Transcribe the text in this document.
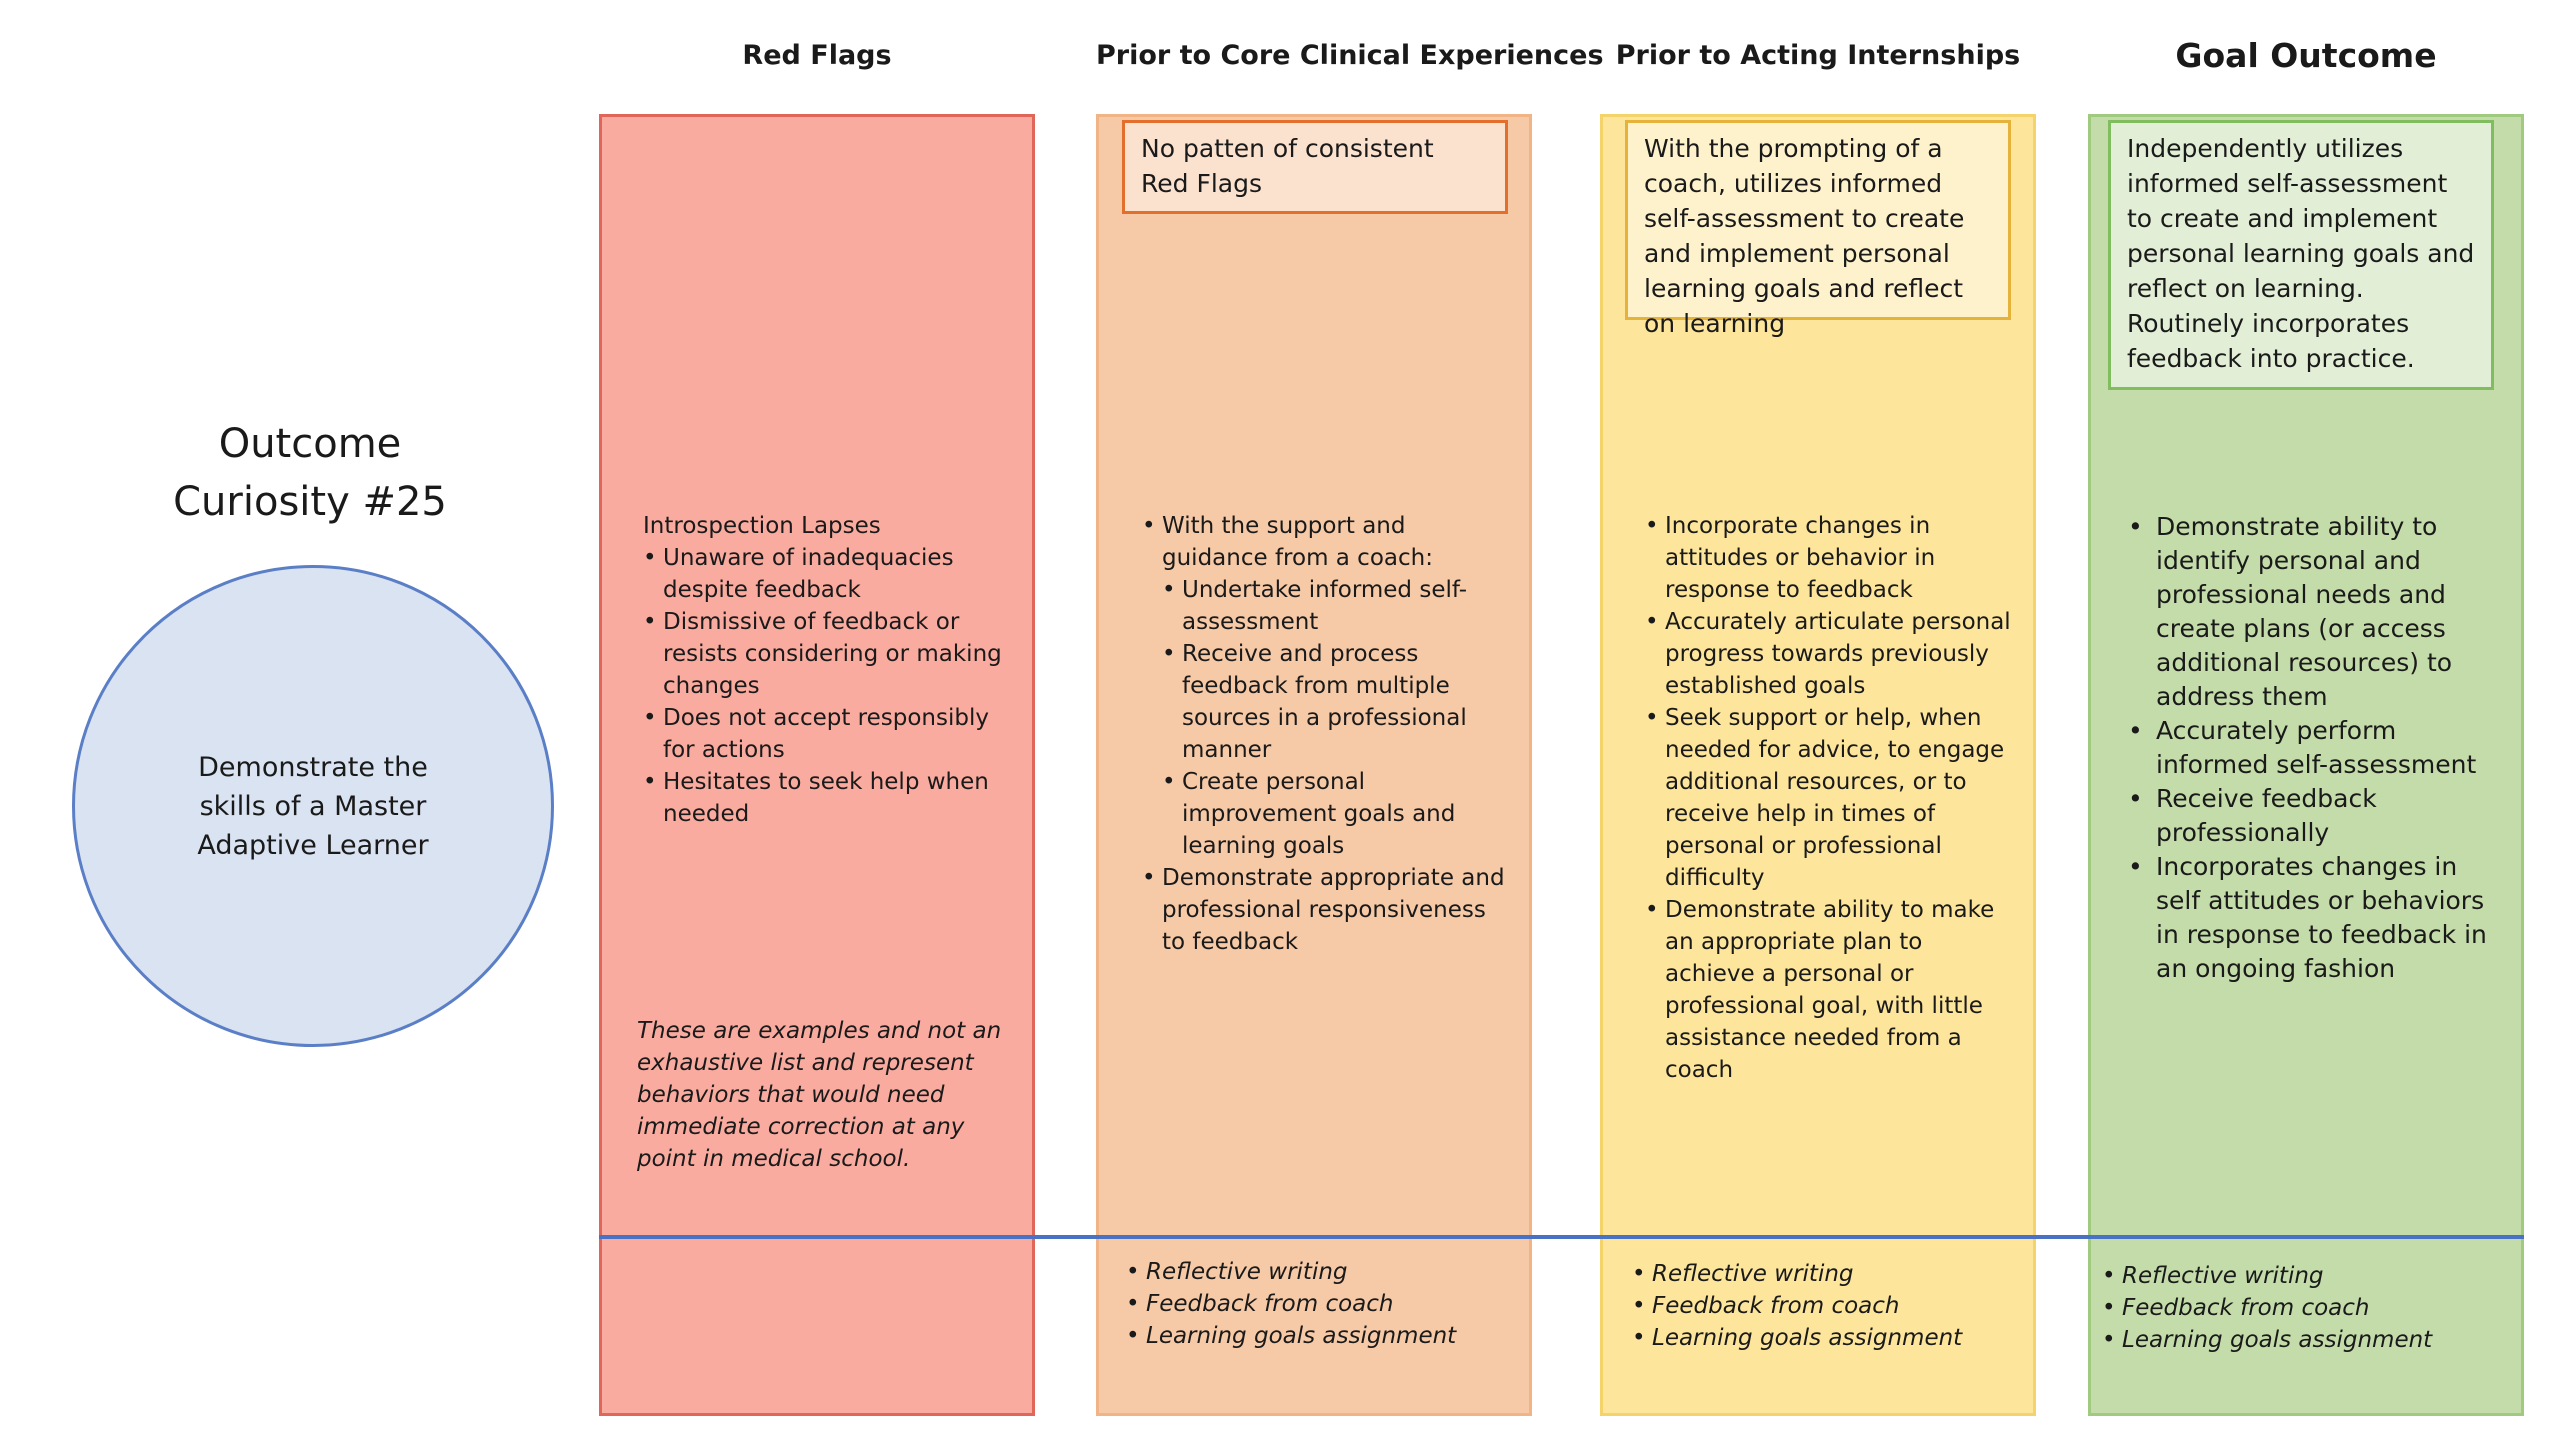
Red Flags	Prior to Core Clinical Experiences Prior to Acting Internships	Goal Outcome
No patten of consistent Red Flags
With the prompting of a coach, utilizes informed self-assessment to create and implement personal learning goals and reflect on learning
Independently utilizes informed self-assessment to create and implement personal learning goals and reflect on learning. Routinely incorporates feedback into practice.
Outcome Curiosity #25
Demonstrate the skills of a Master Adaptive Learner
Introspection Lapses
• Unaware of inadequacies despite feedback
• Dismissive of feedback or resists considering or making changes
• Does not accept responsibly for actions
• Hesitates to seek help when needed
These are examples and not an exhaustive list and represent behaviors that would need immediate correction at any point in medical school.
• With the support and guidance from a coach:
• Undertake informed self-assessment
• Receive and process feedback from multiple sources in a professional manner
• Create personal improvement goals and learning goals
• Demonstrate appropriate and professional responsiveness to feedback
• Incorporate changes in attitudes or behavior in response to feedback
• Accurately articulate personal progress towards previously established goals
• Seek support or help, when needed for advice, to engage additional resources, or to receive help in times of personal or professional difficulty
• Demonstrate ability to make an appropriate plan to achieve a personal or professional goal, with little assistance needed from a coach
• Demonstrate ability to identify personal and professional needs and create plans (or access additional resources) to address them
• Accurately perform informed self-assessment
• Receive feedback professionally
• Incorporates changes in self attitudes or behaviors in response to feedback in an ongoing fashion
• Reflective writing
• Feedback from coach
• Learning goals assignment
• Reflective writing
• Feedback from coach
• Learning goals assignment
• Reflective writing
• Feedback from coach
• Learning goals assignment
